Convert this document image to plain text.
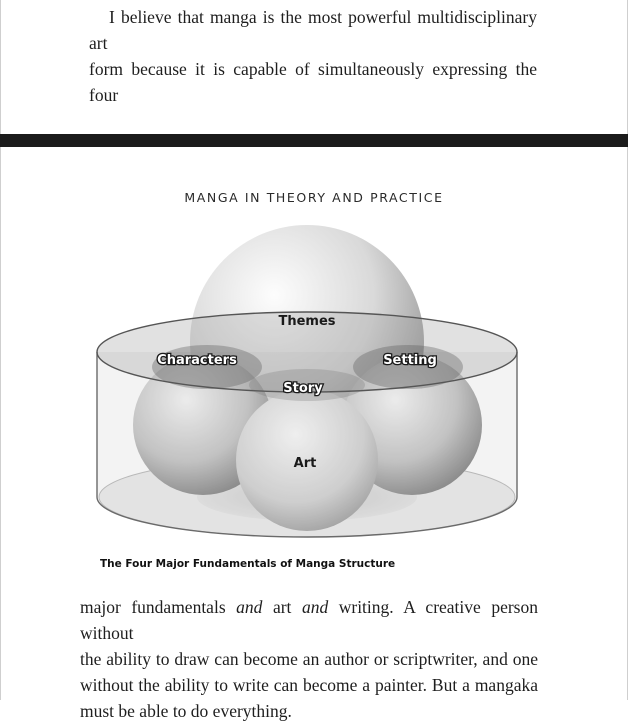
I believe that manga is the most powerful multidisciplinary art
form because it is capable of simultaneously expressing the four

MANGA IN THEORY AND PRACTICE
Themes
Characters	Setting
Story
Art
The Four Major Fundamentals of Manga Structure

major fundamentals and art and writing. A creative person without
the ability to draw can become an author or scriptwriter, and one
without the ability to write can become a painter. But a mangaka
must be able to do everything.
